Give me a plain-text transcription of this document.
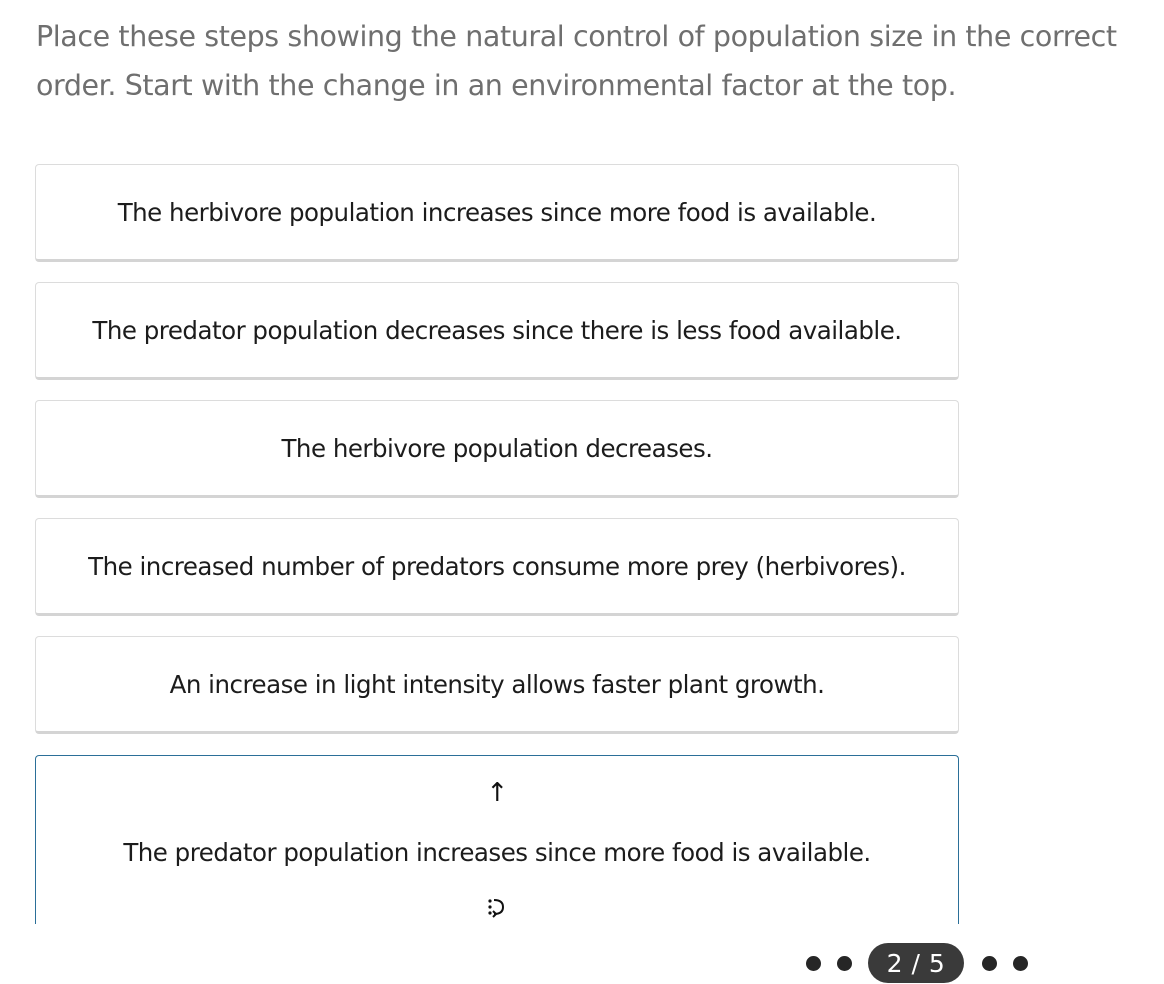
Place these steps showing the natural control of population size in the correct
order. Start with the change in an environmental factor at the top.
The herbivore population increases since more food is available.
The predator population decreases since there is less food available.
The herbivore population decreases.
The increased number of predators consume more prey (herbivores).
An increase in light intensity allows faster plant growth.
↑
The predator population increases since more food is available.
2 / 5
